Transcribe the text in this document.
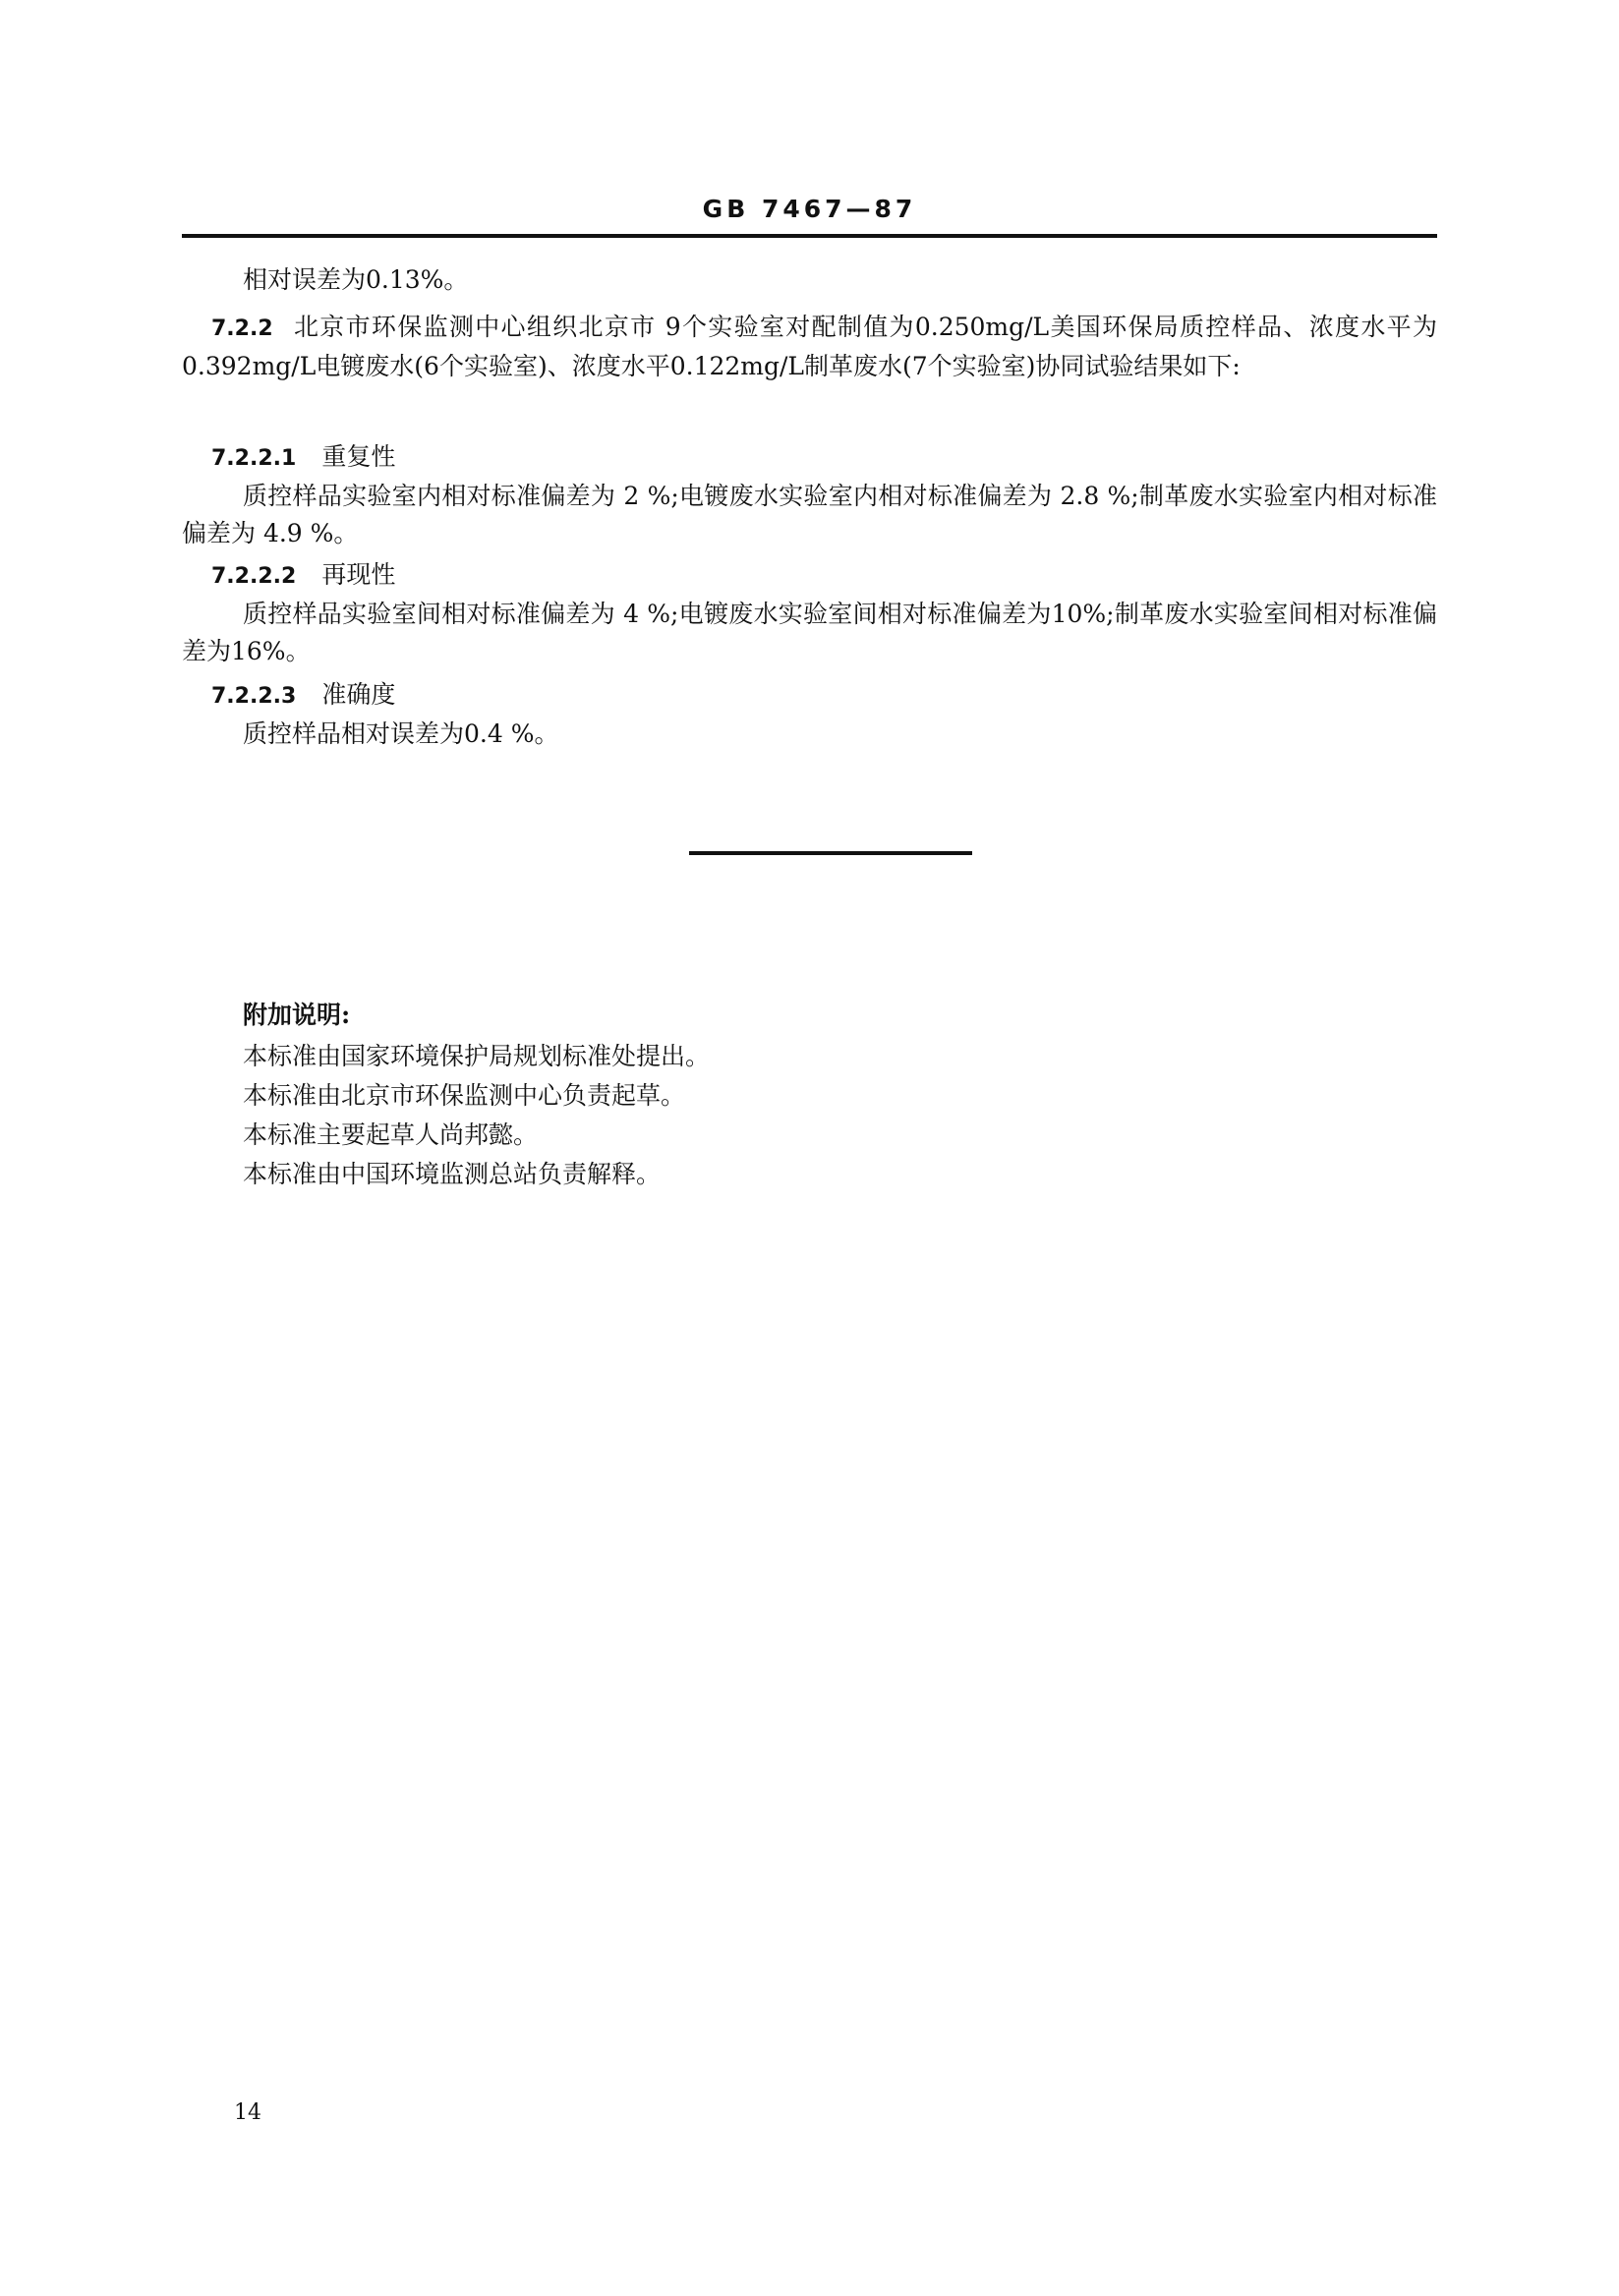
GB 7467—87

相对误差为0.13%。

7.2.2 北京市环保监测中心组织北京市 9个实验室对配制值为0.250mg/L美国环保局质控样品、浓度水平为0.392mg/L电镀废水(6个实验室)、浓度水平0.122mg/L制革废水(7个实验室)协同试验结果如下:

7.2.2.1 重复性

质控样品实验室内相对标准偏差为 2 %;电镀废水实验室内相对标准偏差为 2.8 %;制革废水实验室内相对标准偏差为 4.9 %。

7.2.2.2 再现性

质控样品实验室间相对标准偏差为 4 %;电镀废水实验室间相对标准偏差为10%;制革废水实验室间相对标准偏差为16%。

7.2.2.3 准确度

质控样品相对误差为0.4 %。

附加说明:

本标准由国家环境保护局规划标准处提出。

本标准由北京市环保监测中心负责起草。

本标准主要起草人尚邦懿。

本标准由中国环境监测总站负责解释。

14
